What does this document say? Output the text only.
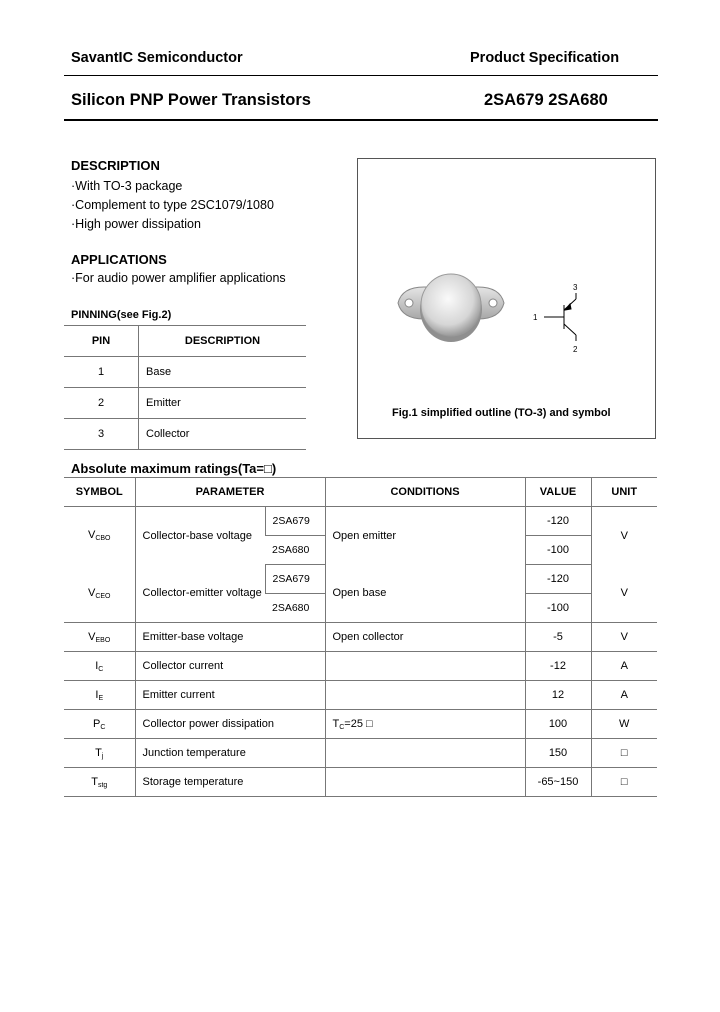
SavantIC Semiconductor	Product Specification
Silicon PNP Power Transistors	2SA679 2SA680
DESCRIPTION
·With TO-3 package
·Complement to type 2SC1079/1080
·High power dissipation
APPLICATIONS
·For audio power amplifier applications
1
3
2
Fig.1 simplified outline (TO-3) and symbol
PINNING(see Fig.2)
PIN	DESCRIPTION
1	Base
2	Emitter
3	Collector
Absolute maximum ratings(Ta=□)
SYMBOL	PARAMETER		CONDITIONS	VALUE	UNIT
$V_{CBO}$	Collector-base voltage	2SA679	Open emitter	-120	V
		2SA680		-100	
$V_{CEO}$	Collector-emitter voltage	2SA679	Open base	-120	V
		2SA680		-100	
$V_{EBO}$	Emitter-base voltage		Open collector	-5	V
$I_C$	Collector current			-12	A
$I_E$	Emitter current			12	A
$P_C$	Collector power dissipation		$T_C=25$ □	100	W
$T_j$	Junction temperature			150	□
$T_{stg}$	Storage temperature			-65~150	□
